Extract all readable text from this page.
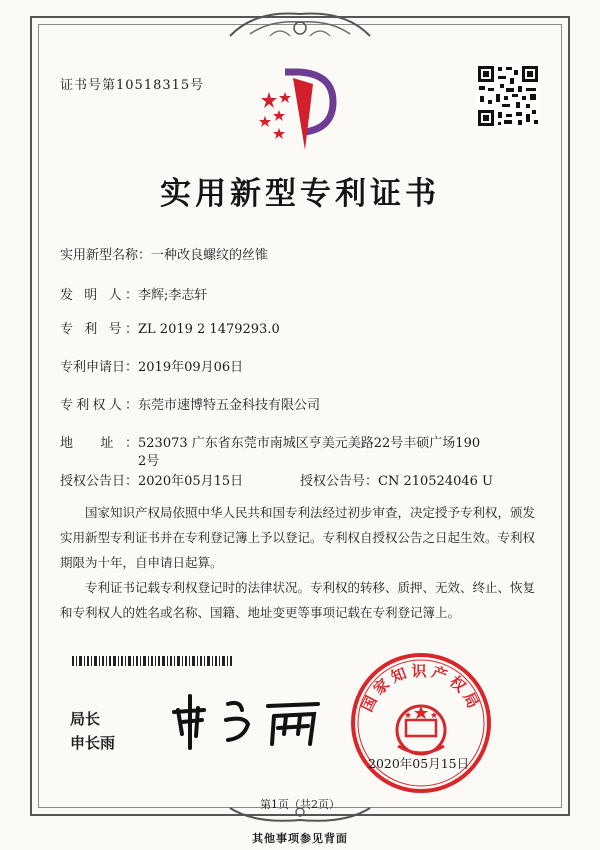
证书号第10518315号
实用新型专利证书
实用新型名称：一种改良螺纹的丝锥
发 明 人：李辉;李志轩
专 利 号：ZL 2019 2 1479293.0
专利申请日：2019年09月06日
专利权人：东莞市速博特五金科技有限公司
地 址：523073 广东省东莞市南城区亨美元美路22号丰硕广场190
2号
授权公告日：2020年05月15日	授权公告号：CN 210524046 U

国家知识产权局依照中华人民共和国专利法经过初步审查，决定授予专利权，颁发实用新型专利证书并在专利登记簿上予以登记。专利权自授权公告之日起生效。专利权期限为十年，自申请日起算。

专利证书记载专利权登记时的法律状况。专利权的转移、质押、无效、终止、恢复和专利权人的姓名或名称、国籍、地址变更等事项记载在专利登记簿上。

局长
申长雨
国家知识产权局
2020年05月15日
第1页（共2页）
其他事项参见背面
